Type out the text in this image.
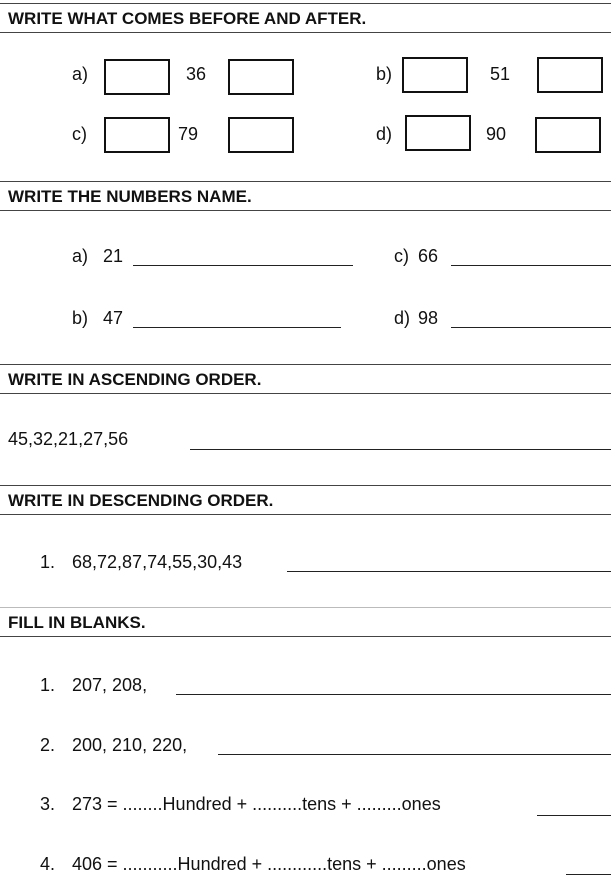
WRITE WHAT COMES BEFORE AND AFTER.
a)	36	b)	51
c)	79	d)	90
WRITE THE NUMBERS NAME.
a) 21	c) 66
b) 47	d) 98
WRITE IN ASCENDING ORDER.
45,32,21,27,56
WRITE IN DESCENDING ORDER.
1. 68,72,87,74,55,30,43
FILL IN BLANKS.
1. 207, 208,
2. 200, 210, 220,
3. 273 = ........Hundred + ..........tens + .........ones
4. 406 = ...........Hundred + ............tens + .........ones
